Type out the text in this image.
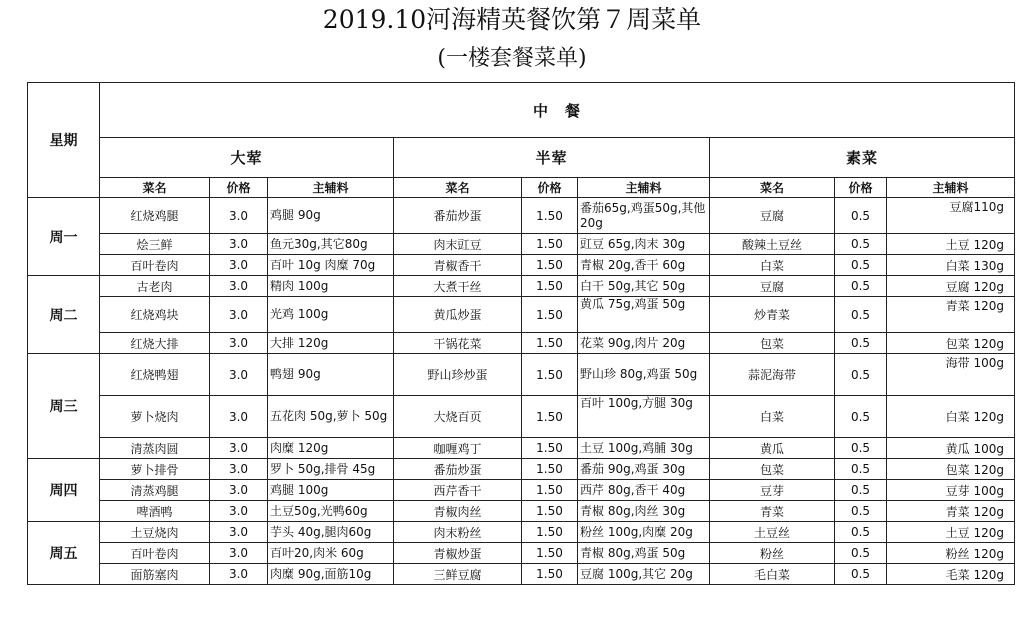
2019.10河海精英餐饮第７周菜单
(一楼套餐菜单)
星期	中　餐								
	大荤			半荤			素菜		
	菜名	价格	主辅料	菜名	价格	主辅料	菜名	价格	主辅料
周一	红烧鸡腿	3.0	鸡腿 90g	番茄炒蛋	1.50	番茄65g,鸡蛋50g,其他20g	豆腐	0.5	豆腐110g
	烩三鲜	3.0	鱼元30g,其它80g	肉末豇豆	1.50	豇豆 65g,肉末 30g	酸辣土豆丝	0.5	土豆 120g
	百叶卷肉	3.0	百叶 10g 肉糜 70g	青椒香干	1.50	青椒 20g,香干 60g	白菜	0.5	白菜 130g
周二	古老肉	3.0	精肉 100g	大煮干丝	1.50	白干 50g,其它 50g	豆腐	0.5	豆腐 120g
	红烧鸡块	3.0	光鸡 100g	黄瓜炒蛋	1.50	黄瓜 75g,鸡蛋 50g	炒青菜	0.5	青菜 120g
	红烧大排	3.0	大排 120g	干锅花菜	1.50	花菜 90g,肉片 20g	包菜	0.5	包菜 120g
周三	红烧鸭翅	3.0	鸭翅 90g	野山珍炒蛋	1.50	野山珍 80g,鸡蛋 50g	蒜泥海带	0.5	海带 100g
	萝卜烧肉	3.0	五花肉 50g,萝卜 50g	大烧百页	1.50	百叶 100g,方腿 30g	白菜	0.5	白菜 120g
	清蒸肉圆	3.0	肉糜 120g	咖喱鸡丁	1.50	土豆 100g,鸡脯 30g	黄瓜	0.5	黄瓜 100g
周四	萝卜排骨	3.0	罗卜 50g,排骨 45g	番茄炒蛋	1.50	番茄 90g,鸡蛋 30g	包菜	0.5	包菜 120g
	清蒸鸡腿	3.0	鸡腿 100g	西芹香干	1.50	西芹 80g,香干 40g	豆芽	0.5	豆芽 100g
	啤酒鸭	3.0	土豆50g,光鸭60g	青椒肉丝	1.50	青椒 80g,肉丝 30g	青菜	0.5	青菜 120g
周五	土豆烧肉	3.0	芋头 40g,腿肉60g	肉末粉丝	1.50	粉丝 100g,肉糜 20g	土豆丝	0.5	土豆 120g
	百叶卷肉	3.0	百叶20,肉米 60g	青椒炒蛋	1.50	青椒 80g,鸡蛋 50g	粉丝	0.5	粉丝 120g
	面筋塞肉	3.0	肉糜 90g,面筋10g	三鲜豆腐	1.50	豆腐 100g,其它 20g	毛白菜	0.5	毛菜 120g
